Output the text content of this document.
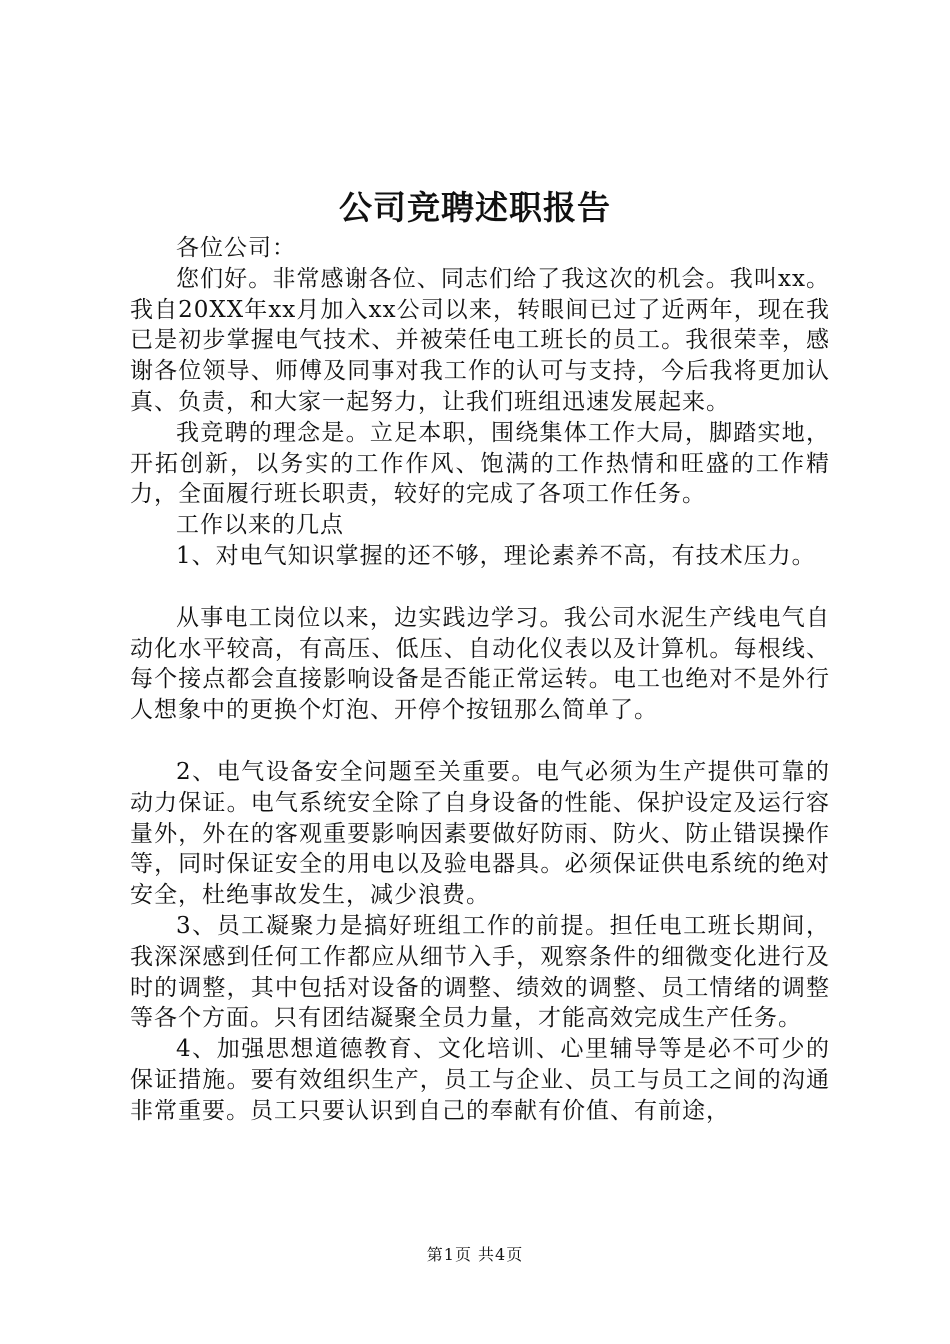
公司竞聘述职报告

各位公司：

您们好。非常感谢各位、同志们给了我这次的机会。我叫xx。我自20XX年xx月加入xx公司以来，转眼间已过了近两年，现在我已是初步掌握电气技术、并被荣任电工班长的员工。我很荣幸，感谢各位领导、师傅及同事对我工作的认可与支持，今后我将更加认真、负责，和大家一起努力，让我们班组迅速发展起来。

我竞聘的理念是。立足本职，围绕集体工作大局，脚踏实地，开拓创新，以务实的工作作风、饱满的工作热情和旺盛的工作精力，全面履行班长职责，较好的完成了各项工作任务。

工作以来的几点

1、对电气知识掌握的还不够，理论素养不高，有技术压力。

从事电工岗位以来，边实践边学习。我公司水泥生产线电气自动化水平较高，有高压、低压、自动化仪表以及计算机。每根线、每个接点都会直接影响设备是否能正常运转。电工也绝对不是外行人想象中的更换个灯泡、开停个按钮那么简单了。

2、电气设备安全问题至关重要。电气必须为生产提供可靠的动力保证。电气系统安全除了自身设备的性能、保护设定及运行容量外，外在的客观重要影响因素要做好防雨、防火、防止错误操作等，同时保证安全的用电以及验电器具。必须保证供电系统的绝对安全，杜绝事故发生，减少浪费。

3、员工凝聚力是搞好班组工作的前提。担任电工班长期间，我深深感到任何工作都应从细节入手，观察条件的细微变化进行及时的调整，其中包括对设备的调整、绩效的调整、员工情绪的调整等各个方面。只有团结凝聚全员力量，才能高效完成生产任务。

4、加强思想道德教育、文化培训、心里辅导等是必不可少的保证措施。要有效组织生产，员工与企业、员工与员工之间的沟通非常重要。员工只要认识到自己的奉献有价值、有前途，

第1页 共4页
